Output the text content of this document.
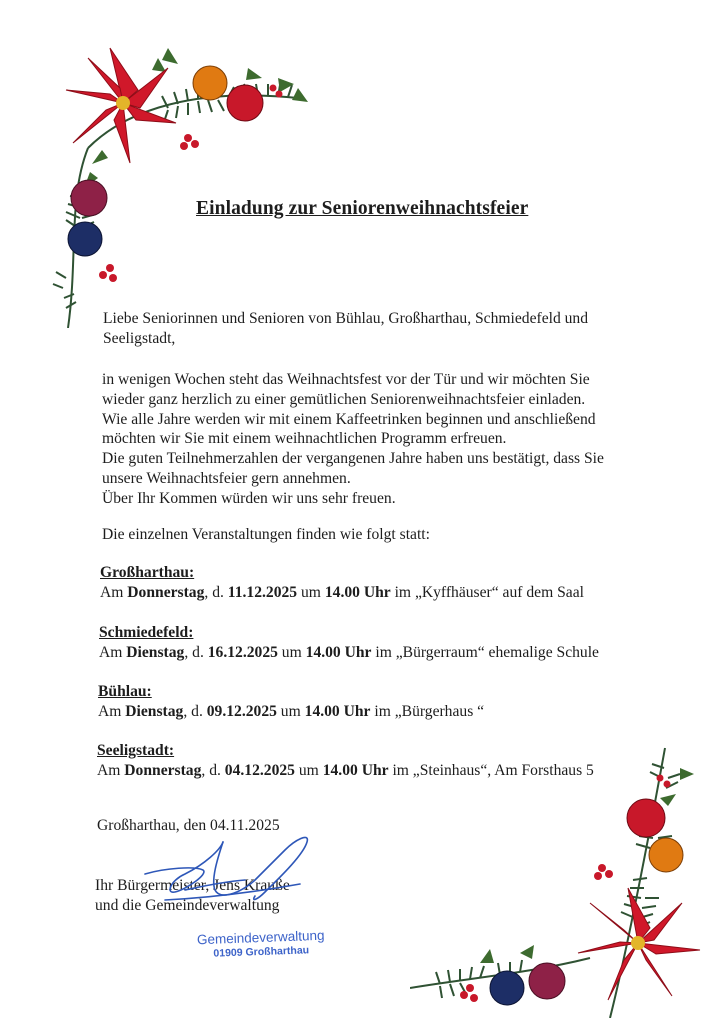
Einladung zur Seniorenweihnachtsfeier

Liebe Seniorinnen und Senioren von Bühlau, Großharthau, Schmiedefeld und
Seeligstadt,

in wenigen Wochen steht das Weihnachtsfest vor der Tür und wir möchten Sie
wieder ganz herzlich zu einer gemütlichen Seniorenweihnachtsfeier einladen.
Wie alle Jahre werden wir mit einem Kaffeetrinken beginnen und anschließend
möchten wir Sie mit einem weihnachtlichen Programm erfreuen.
Die guten Teilnehmerzahlen der vergangenen Jahre haben uns bestätigt, dass Sie
unsere Weihnachtsfeier gern annehmen.
Über Ihr Kommen würden wir uns sehr freuen.

Die einzelnen Veranstaltungen finden wie folgt statt:

Großharthau:
Am Donnerstag, d. 11.12.2025 um 14.00 Uhr im „Kyffhäuser“ auf dem Saal
Schmiedefeld:
Am Dienstag, d. 16.12.2025 um 14.00 Uhr im „Bürgerraum“ ehemalige Schule
Bühlau:
Am Dienstag, d. 09.12.2025 um 14.00 Uhr im „Bürgerhaus “
Seeligstadt:
Am Donnerstag, d. 04.12.2025 um 14.00 Uhr im „Steinhaus“, Am Forsthaus 5
Großharthau, den 04.11.2025
Ihr Bürgermeister, Jens Krauße
und die Gemeindeverwaltung
Gemeindeverwaltung
01909 Großharthau
